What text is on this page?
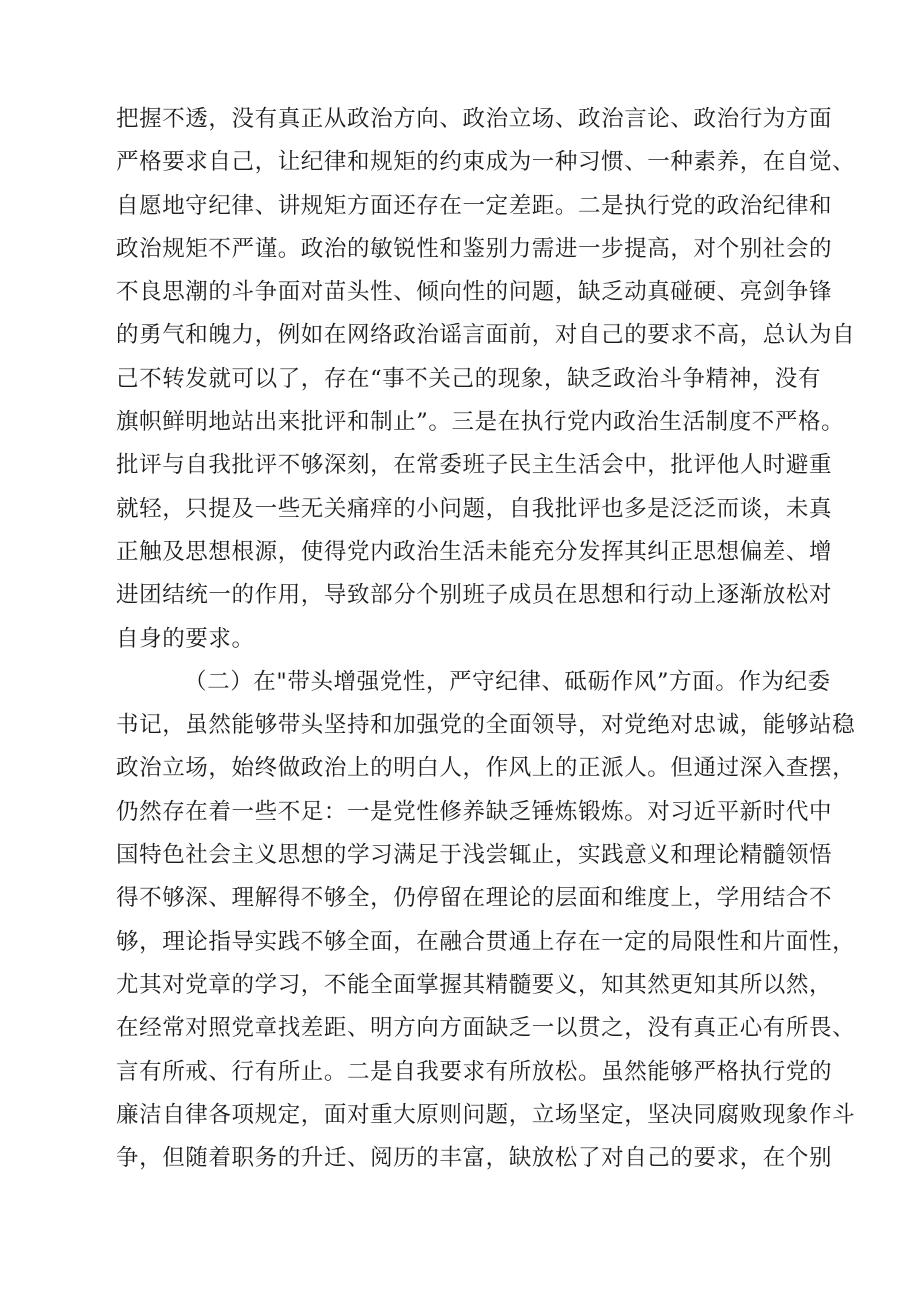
把握不透，没有真正从政治方向、政治立场、政治言论、政治行为方面
严格要求自己，让纪律和规矩的约束成为一种习惯、一种素养，在自觉、
自愿地守纪律、讲规矩方面还存在一定差距。二是执行党的政治纪律和
政治规矩不严谨。政治的敏锐性和鉴别力需进一步提高，对个别社会的
不良思潮的斗争面对苗头性、倾向性的问题，缺乏动真碰硬、亮剑争锋
的勇气和魄力，例如在网络政治谣言面前，对自己的要求不高，总认为自
己不转发就可以了，存在“事不关己的现象，缺乏政治斗争精神，没有
旗帜鲜明地站出来批评和制止”。三是在执行党内政治生活制度不严格。
批评与自我批评不够深刻，在常委班子民主生活会中，批评他人时避重
就轻，只提及一些无关痛痒的小问题，自我批评也多是泛泛而谈，未真
正触及思想根源，使得党内政治生活未能充分发挥其纠正思想偏差、增
进团结统一的作用，导致部分个别班子成员在思想和行动上逐渐放松对
自身的要求。
（二）在"带头增强党性，严守纪律、砥砺作风”方面。作为纪委
书记，虽然能够带头坚持和加强党的全面领导，对党绝对忠诚，能够站稳
政治立场，始终做政治上的明白人，作风上的正派人。但通过深入查摆，
仍然存在着一些不足：一是党性修养缺乏锤炼锻炼。对习近平新时代中
国特色社会主义思想的学习满足于浅尝辄止，实践意义和理论精髓领悟
得不够深、理解得不够全，仍停留在理论的层面和维度上，学用结合不
够，理论指导实践不够全面，在融合贯通上存在一定的局限性和片面性，
尤其对党章的学习，不能全面掌握其精髓要义，知其然更知其所以然，
在经常对照党章找差距、明方向方面缺乏一以贯之，没有真正心有所畏、
言有所戒、行有所止。二是自我要求有所放松。虽然能够严格执行党的
廉洁自律各项规定，面对重大原则问题，立场坚定，坚决同腐败现象作斗
争，但随着职务的升迁、阅历的丰富，缺放松了对自己的要求，在个别
